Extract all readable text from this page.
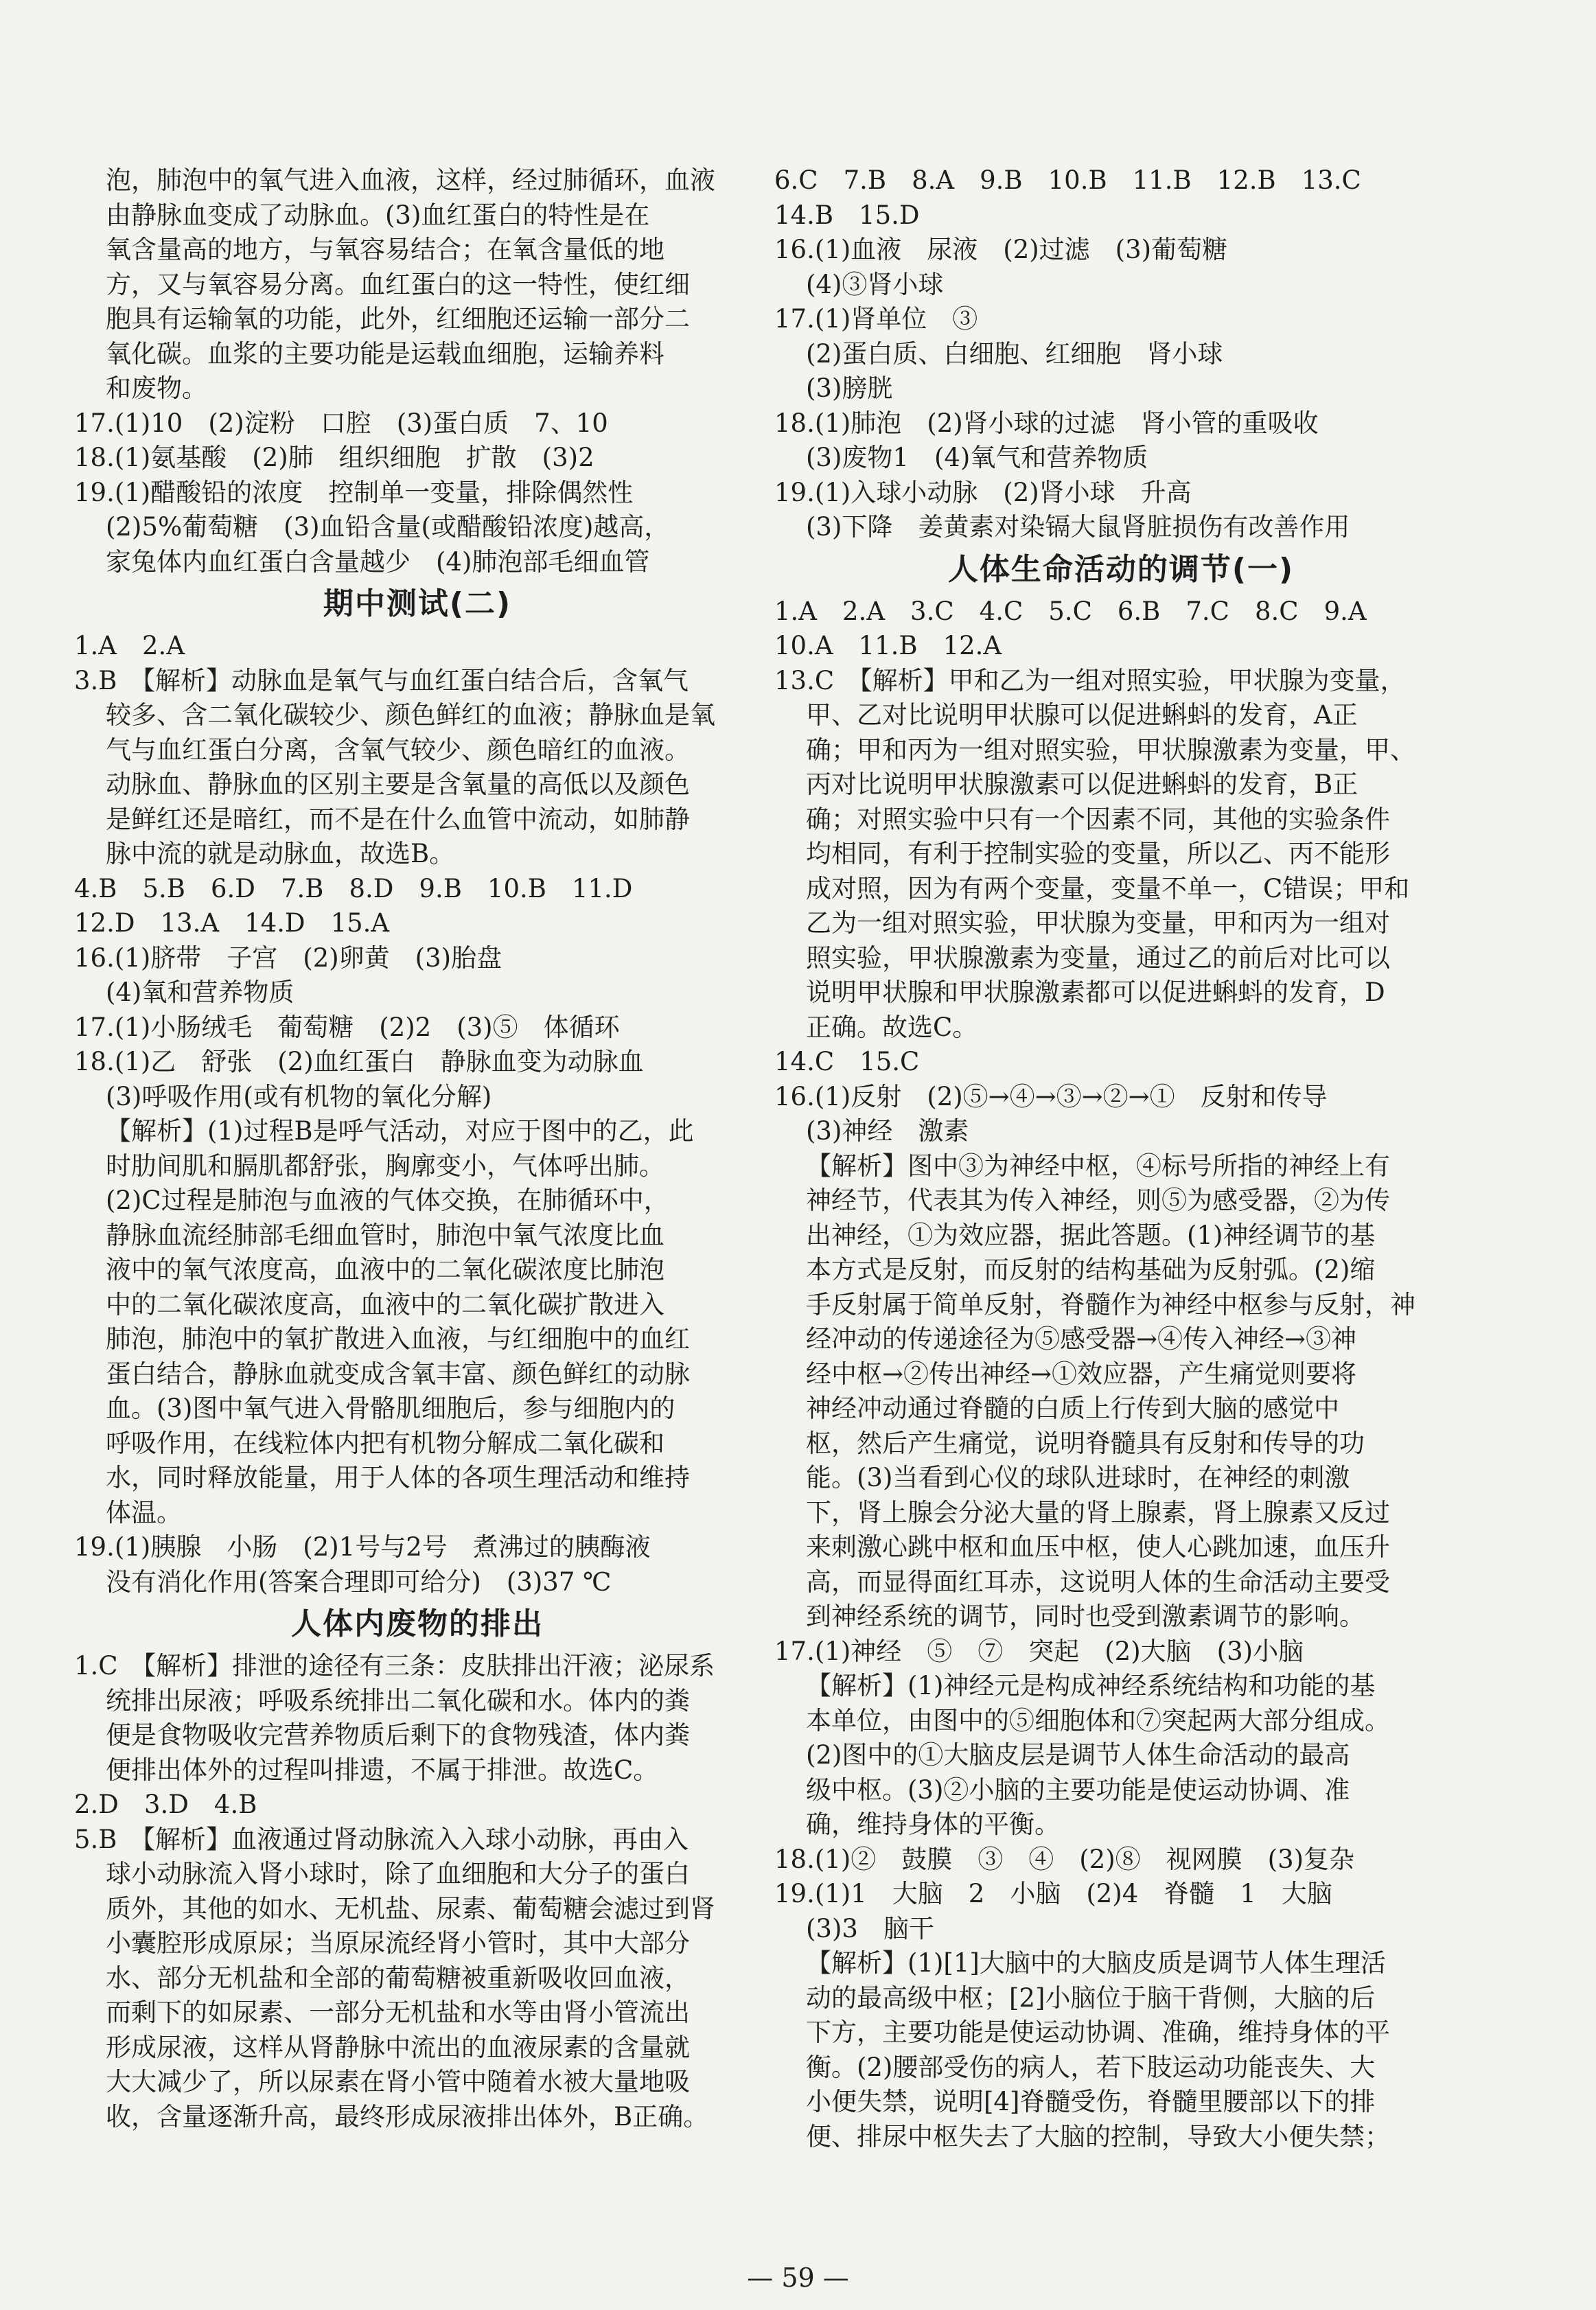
泡，肺泡中的氧气进入血液，这样，经过肺循环，血液
由静脉血变成了动脉血。(3)血红蛋白的特性是在
氧含量高的地方，与氧容易结合；在氧含量低的地
方，又与氧容易分离。血红蛋白的这一特性，使红细
胞具有运输氧的功能，此外，红细胞还运输一部分二
氧化碳。血浆的主要功能是运载血细胞，运输养料
和废物。
17.(1)10　(2)淀粉　口腔　(3)蛋白质　7、10
18.(1)氨基酸　(2)肺　组织细胞　扩散　(3)2
19.(1)醋酸铅的浓度　控制单一变量，排除偶然性
(2)5%葡萄糖　(3)血铅含量(或醋酸铅浓度)越高，
家兔体内血红蛋白含量越少　(4)肺泡部毛细血管
期中测试(二)
1.A　2.A
3.B　【解析】动脉血是氧气与血红蛋白结合后，含氧气
较多、含二氧化碳较少、颜色鲜红的血液；静脉血是氧
气与血红蛋白分离，含氧气较少、颜色暗红的血液。
动脉血、静脉血的区别主要是含氧量的高低以及颜色
是鲜红还是暗红，而不是在什么血管中流动，如肺静
脉中流的就是动脉血，故选B。
4.B　5.B　6.D　7.B　8.D　9.B　10.B　11.D
12.D　13.A　14.D　15.A
16.(1)脐带　子宫　(2)卵黄　(3)胎盘
(4)氧和营养物质
17.(1)小肠绒毛　葡萄糖　(2)2　(3)⑤　体循环
18.(1)乙　舒张　(2)血红蛋白　静脉血变为动脉血
(3)呼吸作用(或有机物的氧化分解)
【解析】(1)过程B是呼气活动，对应于图中的乙，此
时肋间肌和膈肌都舒张，胸廓变小，气体呼出肺。
(2)C过程是肺泡与血液的气体交换，在肺循环中，
静脉血流经肺部毛细血管时，肺泡中氧气浓度比血
液中的氧气浓度高，血液中的二氧化碳浓度比肺泡
中的二氧化碳浓度高，血液中的二氧化碳扩散进入
肺泡，肺泡中的氧扩散进入血液，与红细胞中的血红
蛋白结合，静脉血就变成含氧丰富、颜色鲜红的动脉
血。(3)图中氧气进入骨骼肌细胞后，参与细胞内的
呼吸作用，在线粒体内把有机物分解成二氧化碳和
水，同时释放能量，用于人体的各项生理活动和维持
体温。
19.(1)胰腺　小肠　(2)1号与2号　煮沸过的胰酶液
没有消化作用(答案合理即可给分)　(3)37 ℃
人体内废物的排出
1.C　【解析】排泄的途径有三条：皮肤排出汗液；泌尿系
统排出尿液；呼吸系统排出二氧化碳和水。体内的粪
便是食物吸收完营养物质后剩下的食物残渣，体内粪
便排出体外的过程叫排遗，不属于排泄。故选C。
2.D　3.D　4.B
5.B　【解析】血液通过肾动脉流入入球小动脉，再由入
球小动脉流入肾小球时，除了血细胞和大分子的蛋白
质外，其他的如水、无机盐、尿素、葡萄糖会滤过到肾
小囊腔形成原尿；当原尿流经肾小管时，其中大部分
水、部分无机盐和全部的葡萄糖被重新吸收回血液，
而剩下的如尿素、一部分无机盐和水等由肾小管流出
形成尿液，这样从肾静脉中流出的血液尿素的含量就
大大减少了，所以尿素在肾小管中随着水被大量地吸
收，含量逐渐升高，最终形成尿液排出体外，B正确。
6.C　7.B　8.A　9.B　10.B　11.B　12.B　13.C
14.B　15.D
16.(1)血液　尿液　(2)过滤　(3)葡萄糖
(4)③肾小球
17.(1)肾单位　③
(2)蛋白质、白细胞、红细胞　肾小球
(3)膀胱
18.(1)肺泡　(2)肾小球的过滤　肾小管的重吸收
(3)废物1　(4)氧气和营养物质
19.(1)入球小动脉　(2)肾小球　升高
(3)下降　姜黄素对染镉大鼠肾脏损伤有改善作用
人体生命活动的调节(一)
1.A　2.A　3.C　4.C　5.C　6.B　7.C　8.C　9.A
10.A　11.B　12.A
13.C　【解析】甲和乙为一组对照实验，甲状腺为变量，
甲、乙对比说明甲状腺可以促进蝌蚪的发育，A正
确；甲和丙为一组对照实验，甲状腺激素为变量，甲、
丙对比说明甲状腺激素可以促进蝌蚪的发育，B正
确；对照实验中只有一个因素不同，其他的实验条件
均相同，有利于控制实验的变量，所以乙、丙不能形
成对照，因为有两个变量，变量不单一，C错误；甲和
乙为一组对照实验，甲状腺为变量，甲和丙为一组对
照实验，甲状腺激素为变量，通过乙的前后对比可以
说明甲状腺和甲状腺激素都可以促进蝌蚪的发育，D
正确。故选C。
14.C　15.C
16.(1)反射　(2)⑤→④→③→②→①　反射和传导
(3)神经　激素
【解析】图中③为神经中枢，④标号所指的神经上有
神经节，代表其为传入神经，则⑤为感受器，②为传
出神经，①为效应器，据此答题。(1)神经调节的基
本方式是反射，而反射的结构基础为反射弧。(2)缩
手反射属于简单反射，脊髓作为神经中枢参与反射，神
经冲动的传递途径为⑤感受器→④传入神经→③神
经中枢→②传出神经→①效应器，产生痛觉则要将
神经冲动通过脊髓的白质上行传到大脑的感觉中
枢，然后产生痛觉，说明脊髓具有反射和传导的功
能。(3)当看到心仪的球队进球时，在神经的刺激
下，肾上腺会分泌大量的肾上腺素，肾上腺素又反过
来刺激心跳中枢和血压中枢，使人心跳加速，血压升
高，而显得面红耳赤，这说明人体的生命活动主要受
到神经系统的调节，同时也受到激素调节的影响。
17.(1)神经　⑤　⑦　突起　(2)大脑　(3)小脑
【解析】(1)神经元是构成神经系统结构和功能的基
本单位，由图中的⑤细胞体和⑦突起两大部分组成。
(2)图中的①大脑皮层是调节人体生命活动的最高
级中枢。(3)②小脑的主要功能是使运动协调、准
确，维持身体的平衡。
18.(1)②　鼓膜　③　④　(2)⑧　视网膜　(3)复杂
19.(1)1　大脑　2　小脑　(2)4　脊髓　1　大脑
(3)3　脑干
【解析】(1)[1]大脑中的大脑皮质是调节人体生理活
动的最高级中枢；[2]小脑位于脑干背侧，大脑的后
下方，主要功能是使运动协调、准确，维持身体的平
衡。(2)腰部受伤的病人，若下肢运动功能丧失、大
小便失禁，说明[4]脊髓受伤，脊髓里腰部以下的排
便、排尿中枢失去了大脑的控制，导致大小便失禁；
— 59 —
